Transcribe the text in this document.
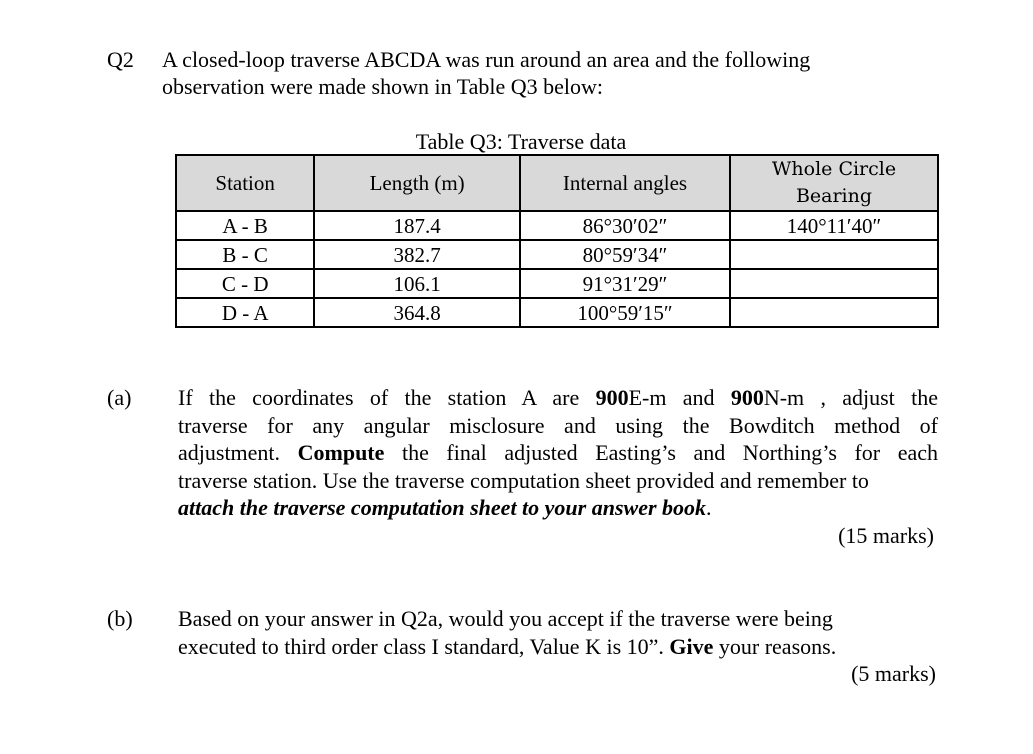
Q2 A closed-loop traverse ABCDA was run around an area and the following
observation were made shown in Table Q3 below:
Table Q3: Traverse data
Station	Length (m)	Internal angles	Whole Circle
Bearing
A - B	187.4	86°30′02″	140°11′40″
B - C	382.7	80°59′34″	
C - D	106.1	91°31′29″	
D - A	364.8	100°59′15″	
(a) If the coordinates of the station A are 900E-m and 900N-m , adjust the
traverse for any angular misclosure and using the Bowditch method of
adjustment. Compute the final adjusted Easting’s and Northing’s for each
traverse station. Use the traverse computation sheet provided and remember to
attach the traverse computation sheet to your answer book.
(15 marks)
(b) Based on your answer in Q2a, would you accept if the traverse were being
executed to third order class I standard, Value K is 10”. Give your reasons.
(5 marks)
